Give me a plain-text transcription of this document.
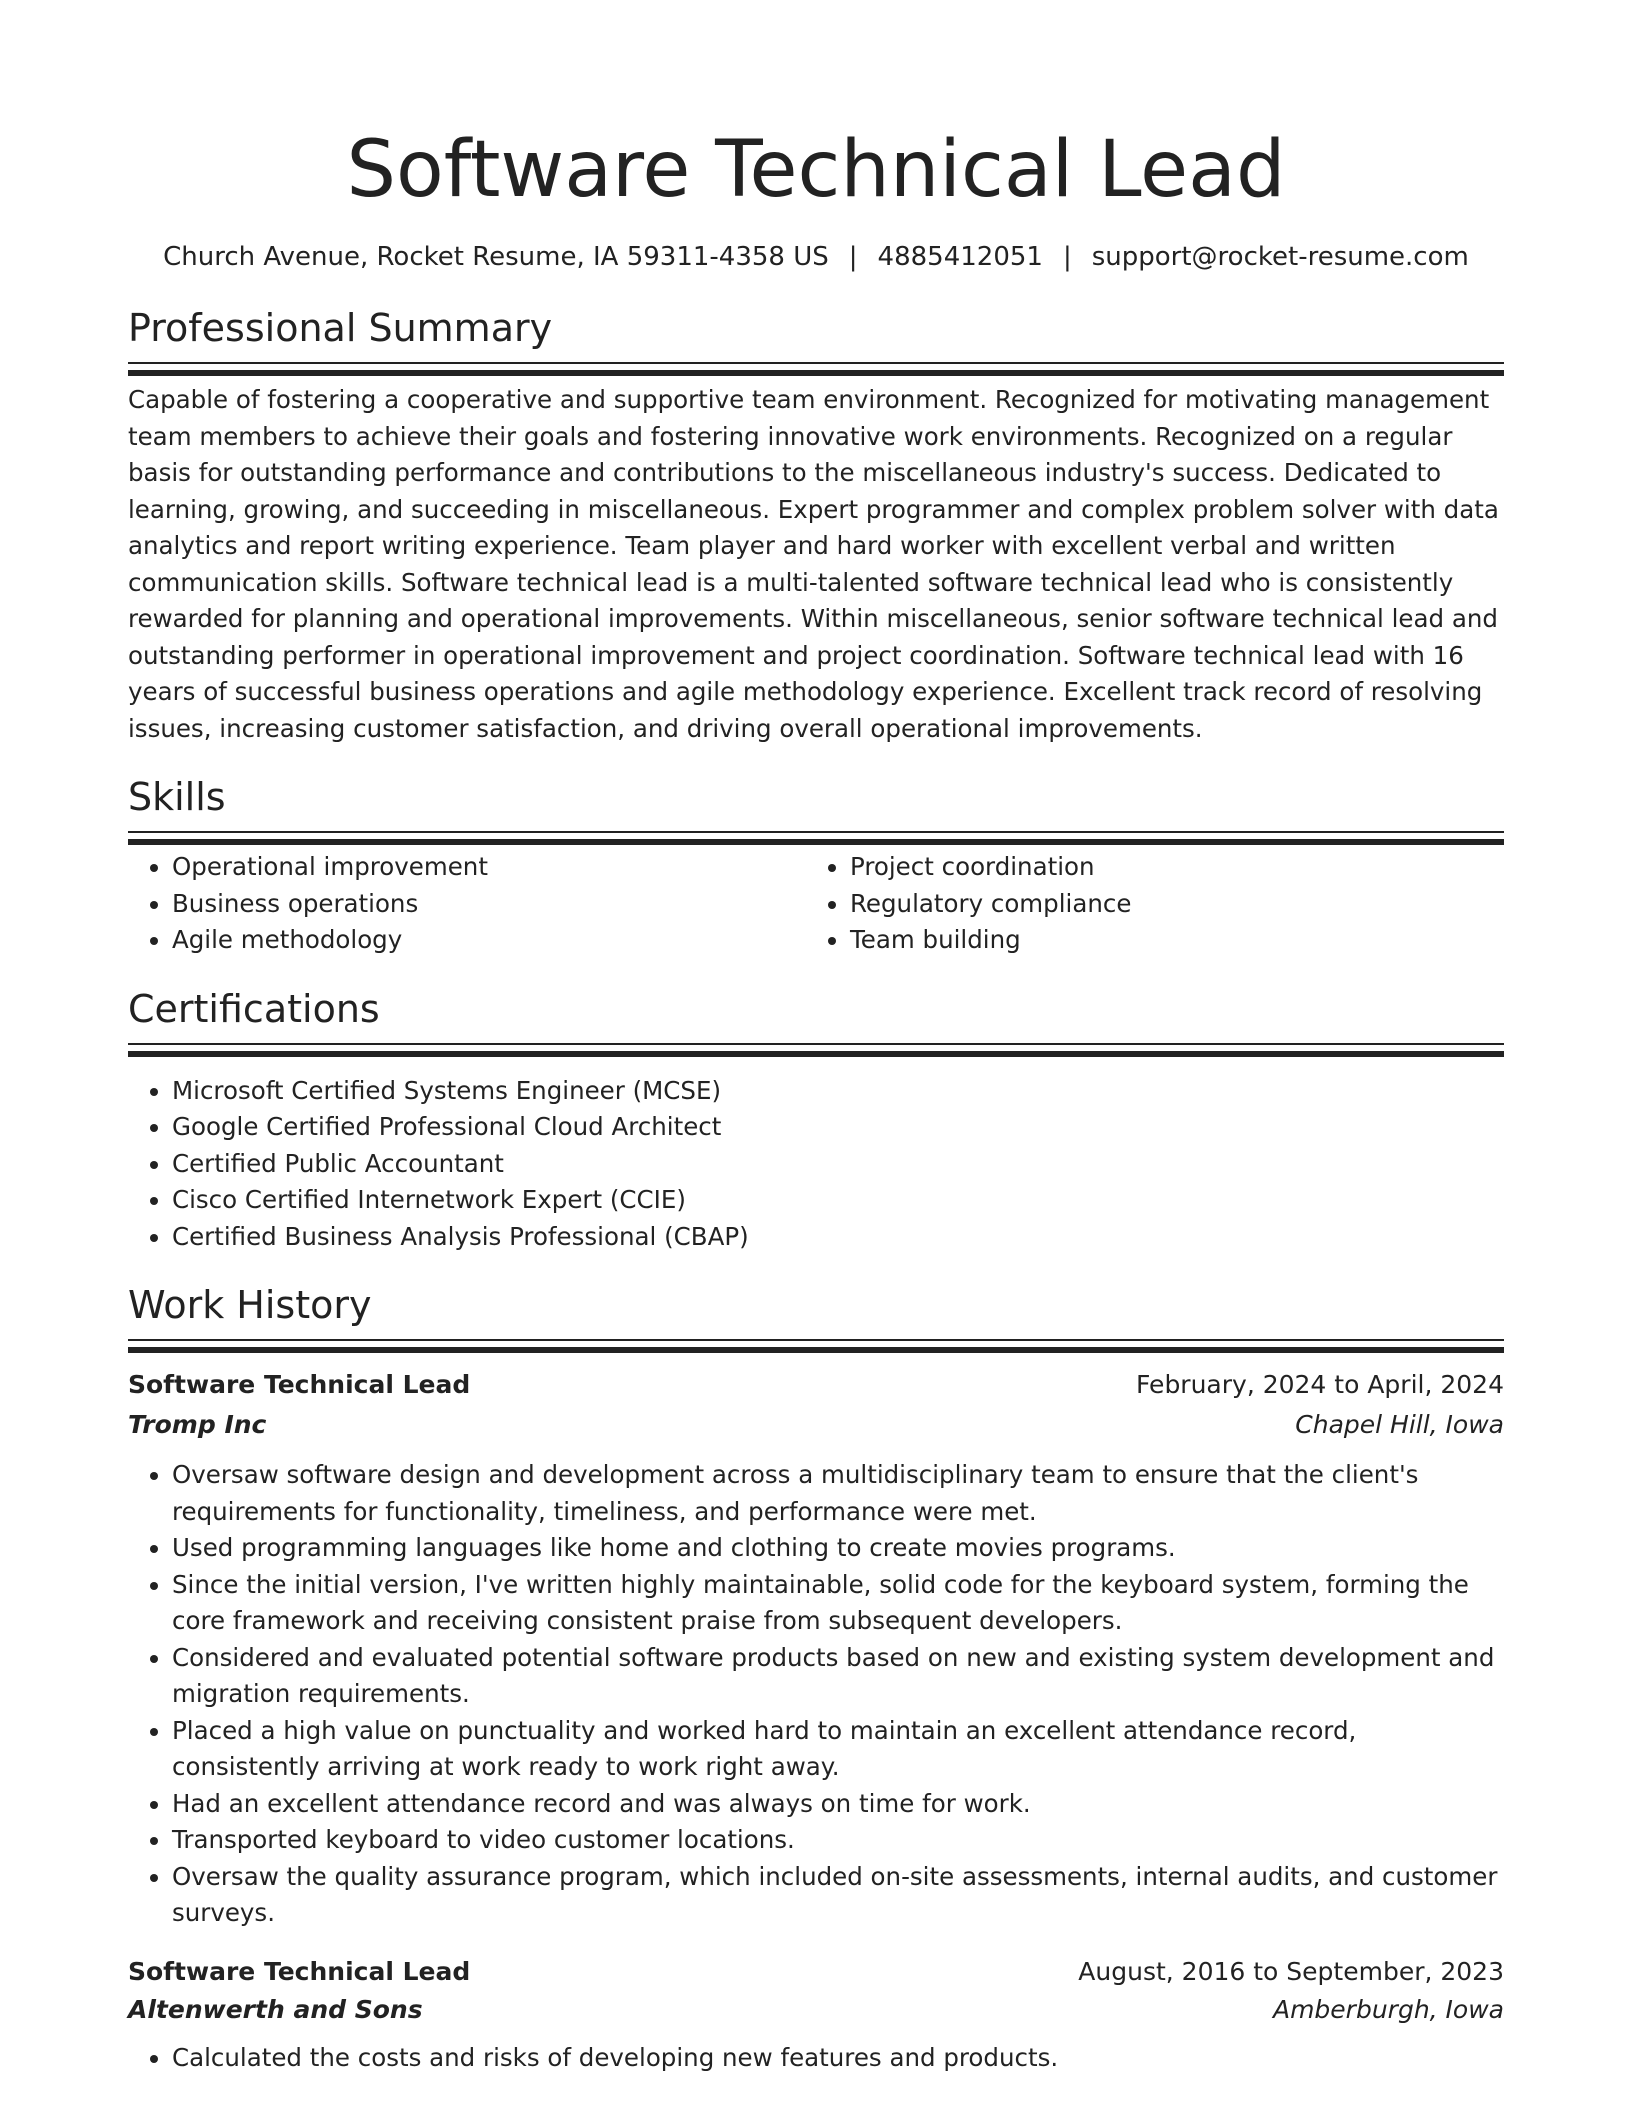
Software Technical Lead
Church Avenue, Rocket Resume, IA 59311-4358 US | 4885412051 | support@rocket-resume.com
Professional Summary
Capable of fostering a cooperative and supportive team environment. Recognized for motivating management team members to achieve their goals and fostering innovative work environments. Recognized on a regular basis for outstanding performance and contributions to the miscellaneous industry's success. Dedicated to learning, growing, and succeeding in miscellaneous. Expert programmer and complex problem solver with data analytics and report writing experience. Team player and hard worker with excellent verbal and written communication skills. Software technical lead is a multi-talented software technical lead who is consistently rewarded for planning and operational improvements. Within miscellaneous, senior software technical lead and outstanding performer in operational improvement and project coordination. Software technical lead with 16 years of successful business operations and agile methodology experience. Excellent track record of resolving issues, increasing customer satisfaction, and driving overall operational improvements.
Skills
• Operational improvement
• Business operations
• Agile methodology
• Project coordination
• Regulatory compliance
• Team building
Certifications
• Microsoft Certified Systems Engineer (MCSE)
• Google Certified Professional Cloud Architect
• Certified Public Accountant
• Cisco Certified Internetwork Expert (CCIE)
• Certified Business Analysis Professional (CBAP)
Work History
Software Technical Lead	February, 2024 to April, 2024
Tromp Inc	Chapel Hill, Iowa
• Oversaw software design and development across a multidisciplinary team to ensure that the client's requirements for functionality, timeliness, and performance were met.
• Used programming languages like home and clothing to create movies programs.
• Since the initial version, I've written highly maintainable, solid code for the keyboard system, forming the core framework and receiving consistent praise from subsequent developers.
• Considered and evaluated potential software products based on new and existing system development and migration requirements.
• Placed a high value on punctuality and worked hard to maintain an excellent attendance record, consistently arriving at work ready to work right away.
• Had an excellent attendance record and was always on time for work.
• Transported keyboard to video customer locations.
• Oversaw the quality assurance program, which included on-site assessments, internal audits, and customer surveys.
Software Technical Lead	August, 2016 to September, 2023
Altenwerth and Sons	Amberburgh, Iowa
• Calculated the costs and risks of developing new features and products.
